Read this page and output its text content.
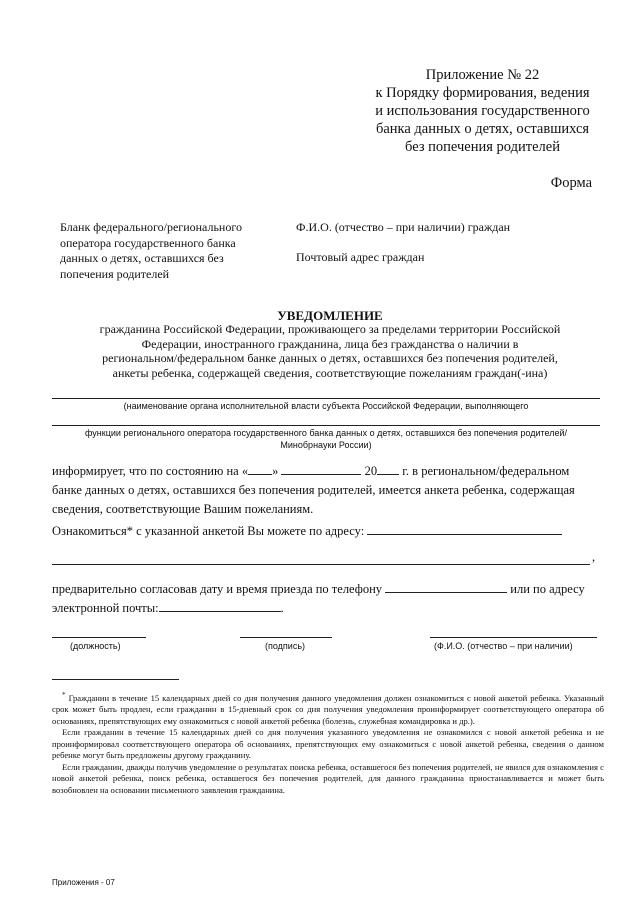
Приложение № 22
к Порядку формирования, ведения
и использования государственного
банка данных о детях, оставшихся
без попечения родителей
Форма
Бланк федерального/регионального
оператора государственного банка
данных о детях, оставшихся без
попечения родителей
Ф.И.О. (отчество – при наличии) граждан
Почтовый адрес граждан
УВЕДОМЛЕНИЕ
гражданина Российской Федерации, проживающего за пределами территории Российской
Федерации, иностранного гражданина, лица без гражданства о наличии в
региональном/федеральном банке данных о детях, оставшихся без попечения родителей,
анкеты ребенка, содержащей сведения, соответствующие пожеланиям граждан(-ина)
(наименование органа исполнительной власти субъекта Российской Федерации, выполняющего
функции регионального оператора государственного банка данных о детях, оставшихся без попечения родителей/
Минобрнауки России)
информирует, что по состоянию на « »	20 г. в региональном/федеральном
банке данных о детях, оставшихся без попечения родителей, имеется анкета ребенка, содержащая
сведения, соответствующие Вашим пожеланиям.
Ознакомиться* с указанной анкетой Вы можете по адресу:
,
предварительно согласовав дату и время приезда по телефону	или по адресу
электронной почты:	.
(должность)	(подпись)	(Ф.И.О. (отчество – при наличии)

* Гражданин в течение 15 календарных дней со дня получения данного уведомления должен ознакомиться с новой анкетой ребенка. Указанный срок может быть продлен, если гражданин в 15-дневный срок со дня получения уведомления проинформирует соответствующего оператора об основаниях, препятствующих ему ознакомиться с новой анкетой ребенка (болезнь, служебная командировка и др.).

Если гражданин в течение 15 календарных дней со дня получения указанного уведомления не ознакомился с новой анкетой ребенка и не проинформировал соответствующего оператора об основаниях, препятствующих ему ознакомиться с новой анкетой ребенка, сведения о данном ребенке могут быть предложены другому гражданину.

Если гражданин, дважды получив уведомление о результатах поиска ребенка, оставшегося без попечения родителей, не явился для ознакомления с новой анкетой ребенка, поиск ребенка, оставшегося без попечения родителей, для данного гражданина приостанавливается и может быть возобновлен на основании письменного заявления гражданина.

Приложения - 07
